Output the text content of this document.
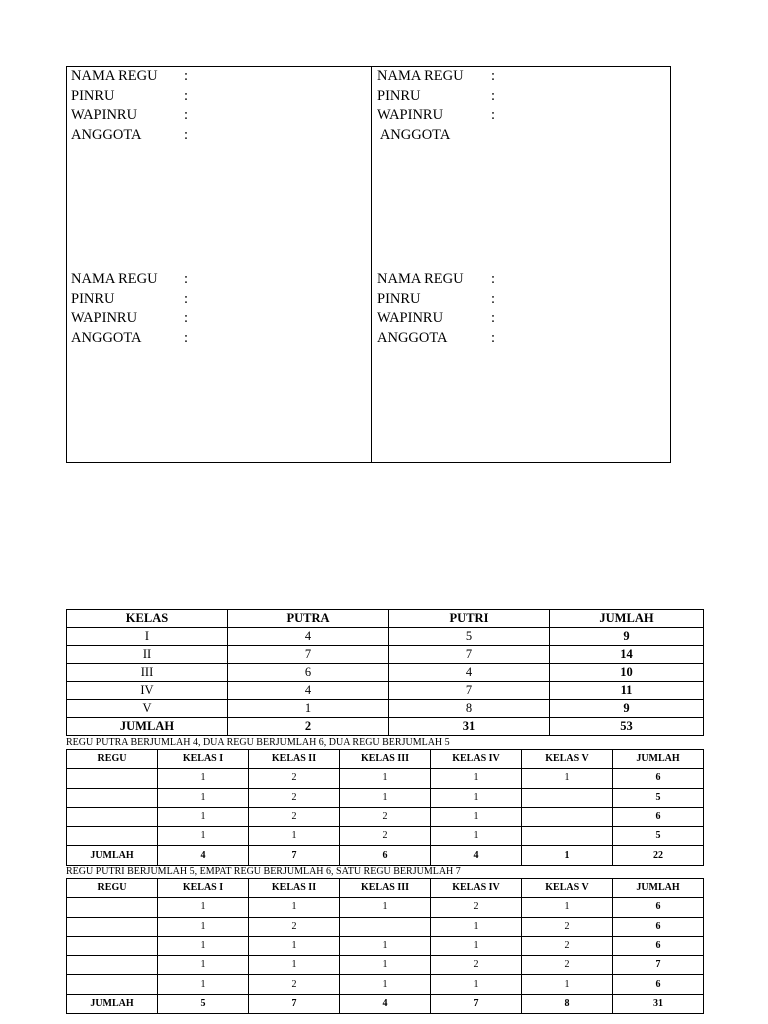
NAMA REGU :
PINRU	:
WAPINRU	:
ANGGOTA	:
NAMA REGU :
PINRU	:
WAPINRU	:
ANGGOTA
NAMA REGU :
PINRU	:
WAPINRU	:
ANGGOTA	:
NAMA REGU :
PINRU	:
WAPINRU	:
ANGGOTA	:
KELAS	PUTRA	PUTRI	JUMLAH
I	4	5	9
II	7	7	14
III	6	4	10
IV	4	7	11
V	1	8	9
JUMLAH	2	31	53
REGU PUTRA BERJUMLAH 4, DUA REGU BERJUMLAH 6, DUA REGU BERJUMLAH 5
REGU	KELAS I	KELAS II	KELAS III	KELAS IV	KELAS V	JUMLAH
	1	2	1	1	1	6
	1	2	1	1		5
	1	2	2	1		6
	1	1	2	1		5
JUMLAH	4	7	6	4	1	22
REGU PUTRI BERJUMLAH 5, EMPAT REGU BERJUMLAH 6, SATU REGU BERJUMLAH 7
REGU	KELAS I	KELAS II	KELAS III	KELAS IV	KELAS V	JUMLAH
	1	1	1	2	1	6
	1	2		1	2	6
	1	1	1	1	2	6
	1	1	1	2	2	7
	1	2	1	1	1	6
JUMLAH	5	7	4	7	8	31
